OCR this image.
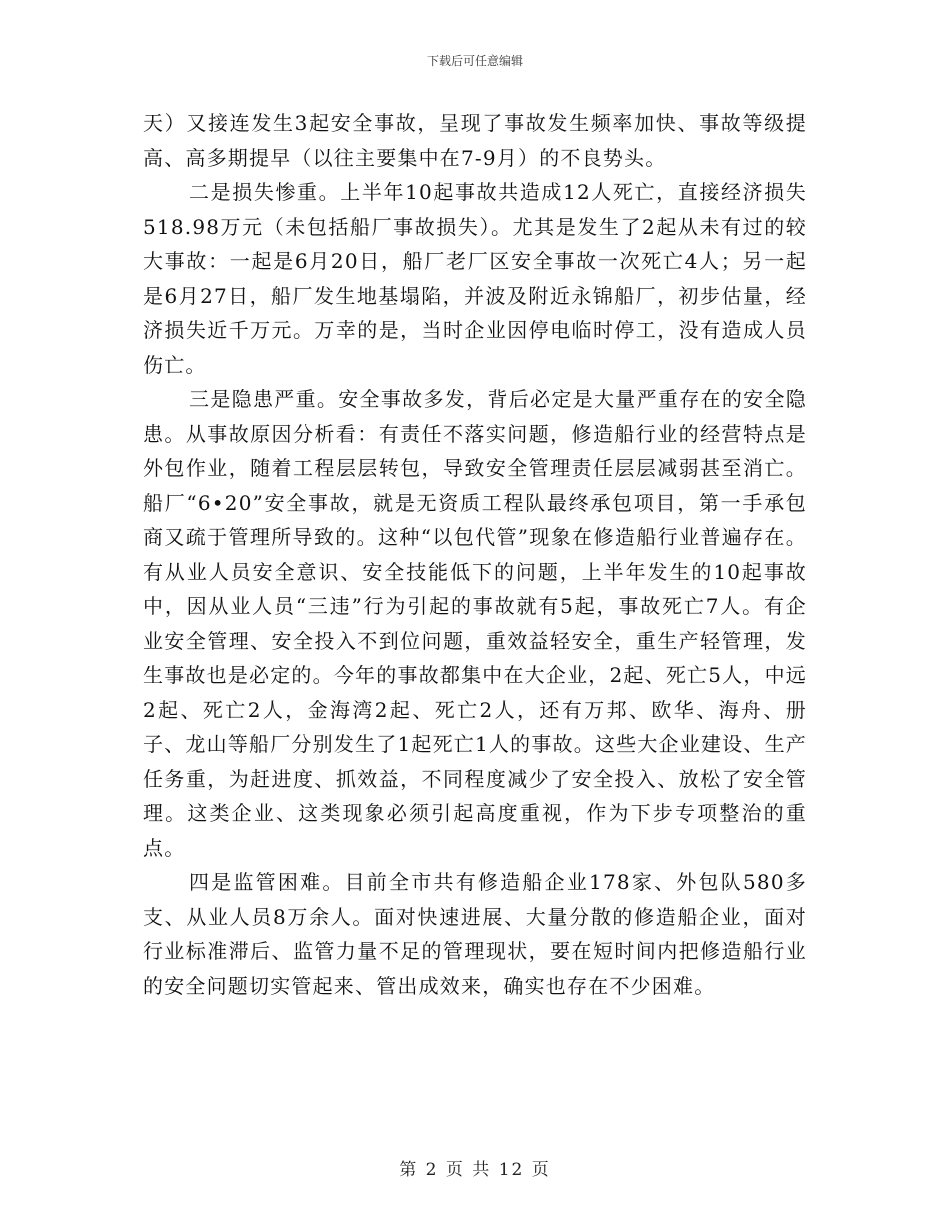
下载后可任意编辑

天）又接连发生3起安全事故，呈现了事故发生频率加快、事故等级提高、高多期提早（以往主要集中在7-9月）的不良势头。

二是损失惨重。上半年10起事故共造成12人死亡，直接经济损失518.98万元（未包括船厂事故损失）。尤其是发生了2起从未有过的较大事故：一起是6月20日，船厂老厂区安全事故一次死亡4人；另一起是6月27日，船厂发生地基塌陷，并波及附近永锦船厂，初步估量，经济损失近千万元。万幸的是，当时企业因停电临时停工，没有造成人员伤亡。

三是隐患严重。安全事故多发，背后必定是大量严重存在的安全隐患。从事故原因分析看：有责任不落实问题，修造船行业的经营特点是外包作业，随着工程层层转包，导致安全管理责任层层减弱甚至消亡。船厂“6•20”安全事故，就是无资质工程队最终承包项目，第一手承包商又疏于管理所导致的。这种“以包代管”现象在修造船行业普遍存在。有从业人员安全意识、安全技能低下的问题，上半年发生的10起事故中，因从业人员“三违”行为引起的事故就有5起，事故死亡7人。有企业安全管理、安全投入不到位问题，重效益轻安全，重生产轻管理，发生事故也是必定的。今年的事故都集中在大企业，2起、死亡5人，中远2起、死亡2人，金海湾2起、死亡2人，还有万邦、欧华、海舟、册子、龙山等船厂分别发生了1起死亡1人的事故。这些大企业建设、生产任务重，为赶进度、抓效益，不同程度减少了安全投入、放松了安全管理。这类企业、这类现象必须引起高度重视，作为下步专项整治的重点。

四是监管困难。目前全市共有修造船企业178家、外包队580多支、从业人员8万余人。面对快速进展、大量分散的修造船企业，面对行业标准滞后、监管力量不足的管理现状，要在短时间内把修造船行业的安全问题切实管起来、管出成效来，确实也存在不少困难。

第 2 页 共 12 页
